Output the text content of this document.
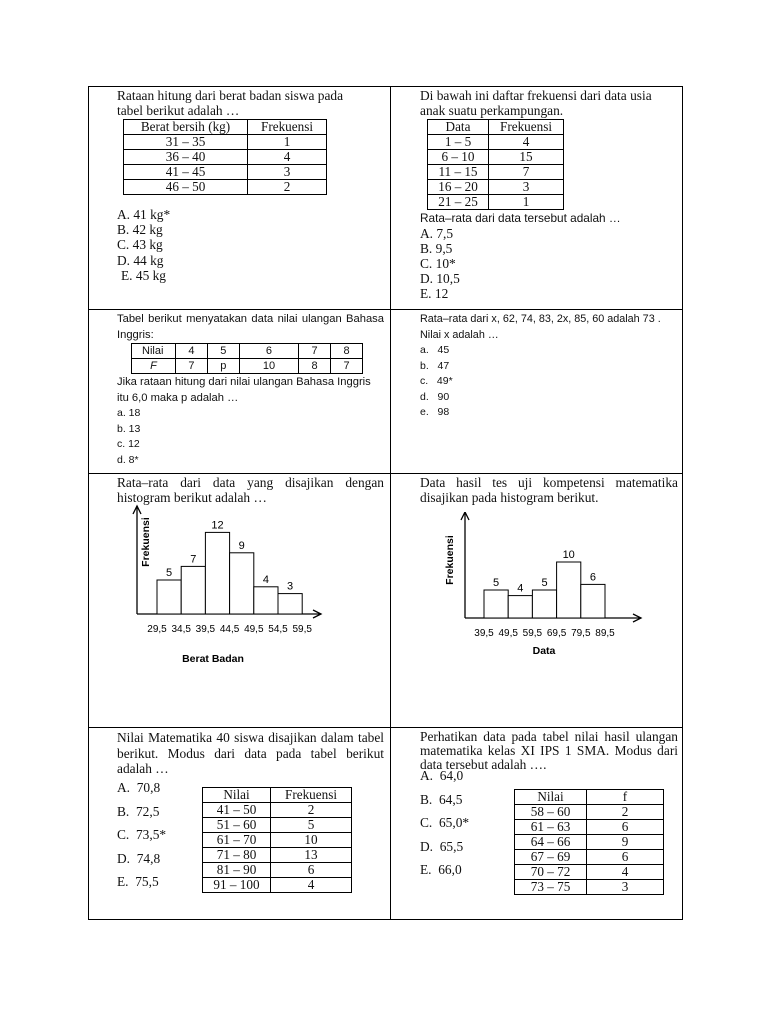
Rataan hitung dari berat badan siswa pada tabel berikut adalah …
Berat bersih (kg)	Frekuensi
31 – 35	1
36 – 40	4
41 – 45	3
46 – 50	2
A. 41 kg*
B. 42 kg
C. 43 kg
D. 44 kg
E. 45 kg
Di bawah ini daftar frekuensi dari data usia anak suatu perkampungan.
Data	Frekuensi
1 – 5	4
6 – 10	15
11 – 15	7
16 – 20	3
21 – 25	1
Rata–rata dari data tersebut adalah …
A. 7,5
B. 9,5
C. 10*
D. 10,5
E. 12
Tabel berikut menyatakan data nilai ulangan Bahasa Inggris:
Nilai	4	5	6	7	8
F	7	p	10	8	7
Jika rataan hitung dari nilai ulangan Bahasa Inggris itu 6,0 maka p adalah …
a. 18
b. 13
c. 12
d. 8*
Rata–rata dari x, 62, 74, 83, 2x, 85, 60 adalah 73 . Nilai x adalah …
a.   45
b.   47
c.   49*
d.   90
e.   98
Rata–rata dari data yang disajikan dengan histogram berikut adalah …
5
7
12
9
4
3
29,5 34,5 39,5 44,5 49,5 54,5 59,5
Berat Badan
Frekuensi
Data hasil tes uji kompetensi matematika disajikan pada histogram berikut.
5 4 5
10
6
39,5 49,5 59,5 69,5 79,5 89,5
Data
Frekuensi
Nilai Matematika 40 siswa disajikan dalam tabel berikut. Modus dari data pada tabel berikut adalah …
A.  70,8
B.  72,5
C.  73,5*
D.  74,8
E.  75,5
Nilai	Frekuensi
41 – 50	2
51 – 60	5
61 – 70	10
71 – 80	13
81 – 90	6
91 – 100	4
Perhatikan data pada tabel nilai hasil ulangan matematika kelas XI IPS 1 SMA. Modus dari data tersebut adalah ….
A.  64,0
B.  64,5
C.  65,0*
D.  65,5
E.  66,0
Nilai	f
58 – 60	2
61 – 63	6
64 – 66	9
67 – 69	6
70 – 72	4
73 – 75	3
